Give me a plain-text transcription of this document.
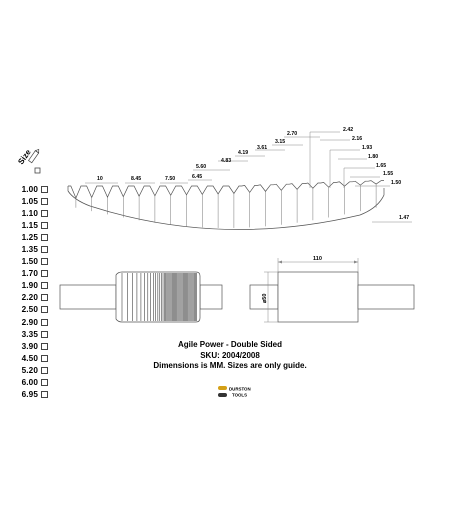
Size
10	8.45	7.50	6.45
5.60
4.83
4.19
3.61
3.15
2.70
2.42
2.16
1.93
1.80
1.65
1.55
1.50
1.47
110
⌀50
1.00
1.05
1.10
1.15
1.25
1.35
1.50
1.70
1.90
2.20
2.50
2.90
3.35
3.90
4.50
5.20
6.00
6.95
Agile Power - Double Sided
SKU: 2004/2008
Dimensions is MM. Sizes are only guide.
DURSTON
TOOLS
